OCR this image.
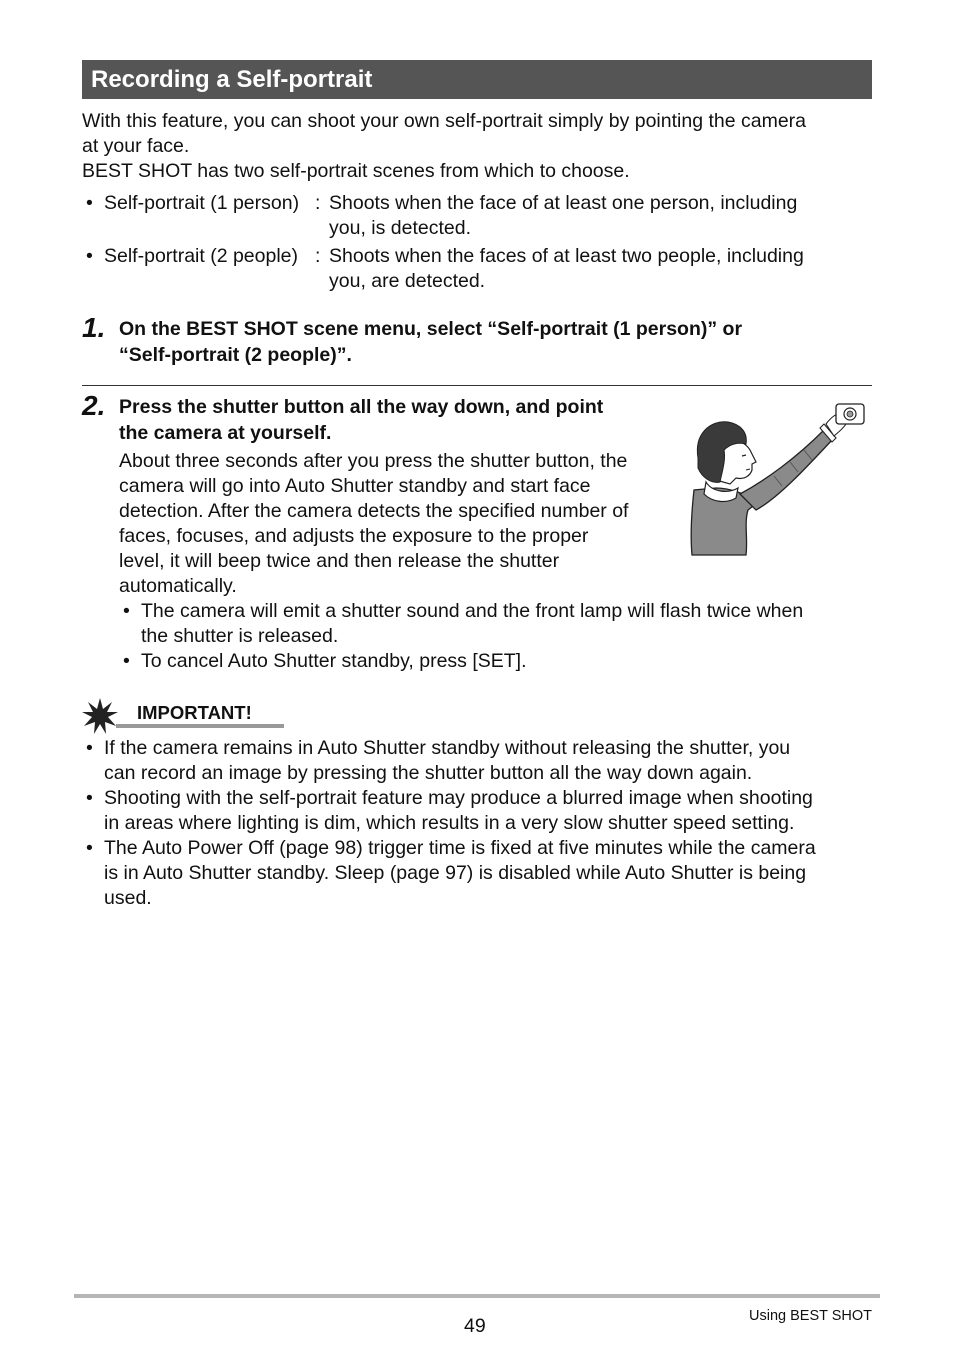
Recording a Self-portrait
With this feature, you can shoot your own self-portrait simply by pointing the camera
at your face.
BEST SHOT has two self-portrait scenes from which to choose.
• Self-portrait (1 person) : Shoots when the face of at least one person, including
you, is detected.
• Self-portrait (2 people) : Shoots when the faces of at least two people, including
you, are detected.
1. On the BEST SHOT scene menu, select “Self-portrait (1 person)” or
“Self-portrait (2 people)”.
2. Press the shutter button all the way down, and point
the camera at yourself.
About three seconds after you press the shutter button, the
camera will go into Auto Shutter standby and start face
detection. After the camera detects the specified number of
faces, focuses, and adjusts the exposure to the proper
level, it will beep twice and then release the shutter
automatically.
• The camera will emit a shutter sound and the front lamp will flash twice when
the shutter is released.
• To cancel Auto Shutter standby, press [SET].
IMPORTANT!
• If the camera remains in Auto Shutter standby without releasing the shutter, you
can record an image by pressing the shutter button all the way down again.
• Shooting with the self-portrait feature may produce a blurred image when shooting
in areas where lighting is dim, which results in a very slow shutter speed setting.
• The Auto Power Off (page 98) trigger time is fixed at five minutes while the camera
is in Auto Shutter standby. Sleep (page 97) is disabled while Auto Shutter is being
used.
49	Using BEST SHOT
